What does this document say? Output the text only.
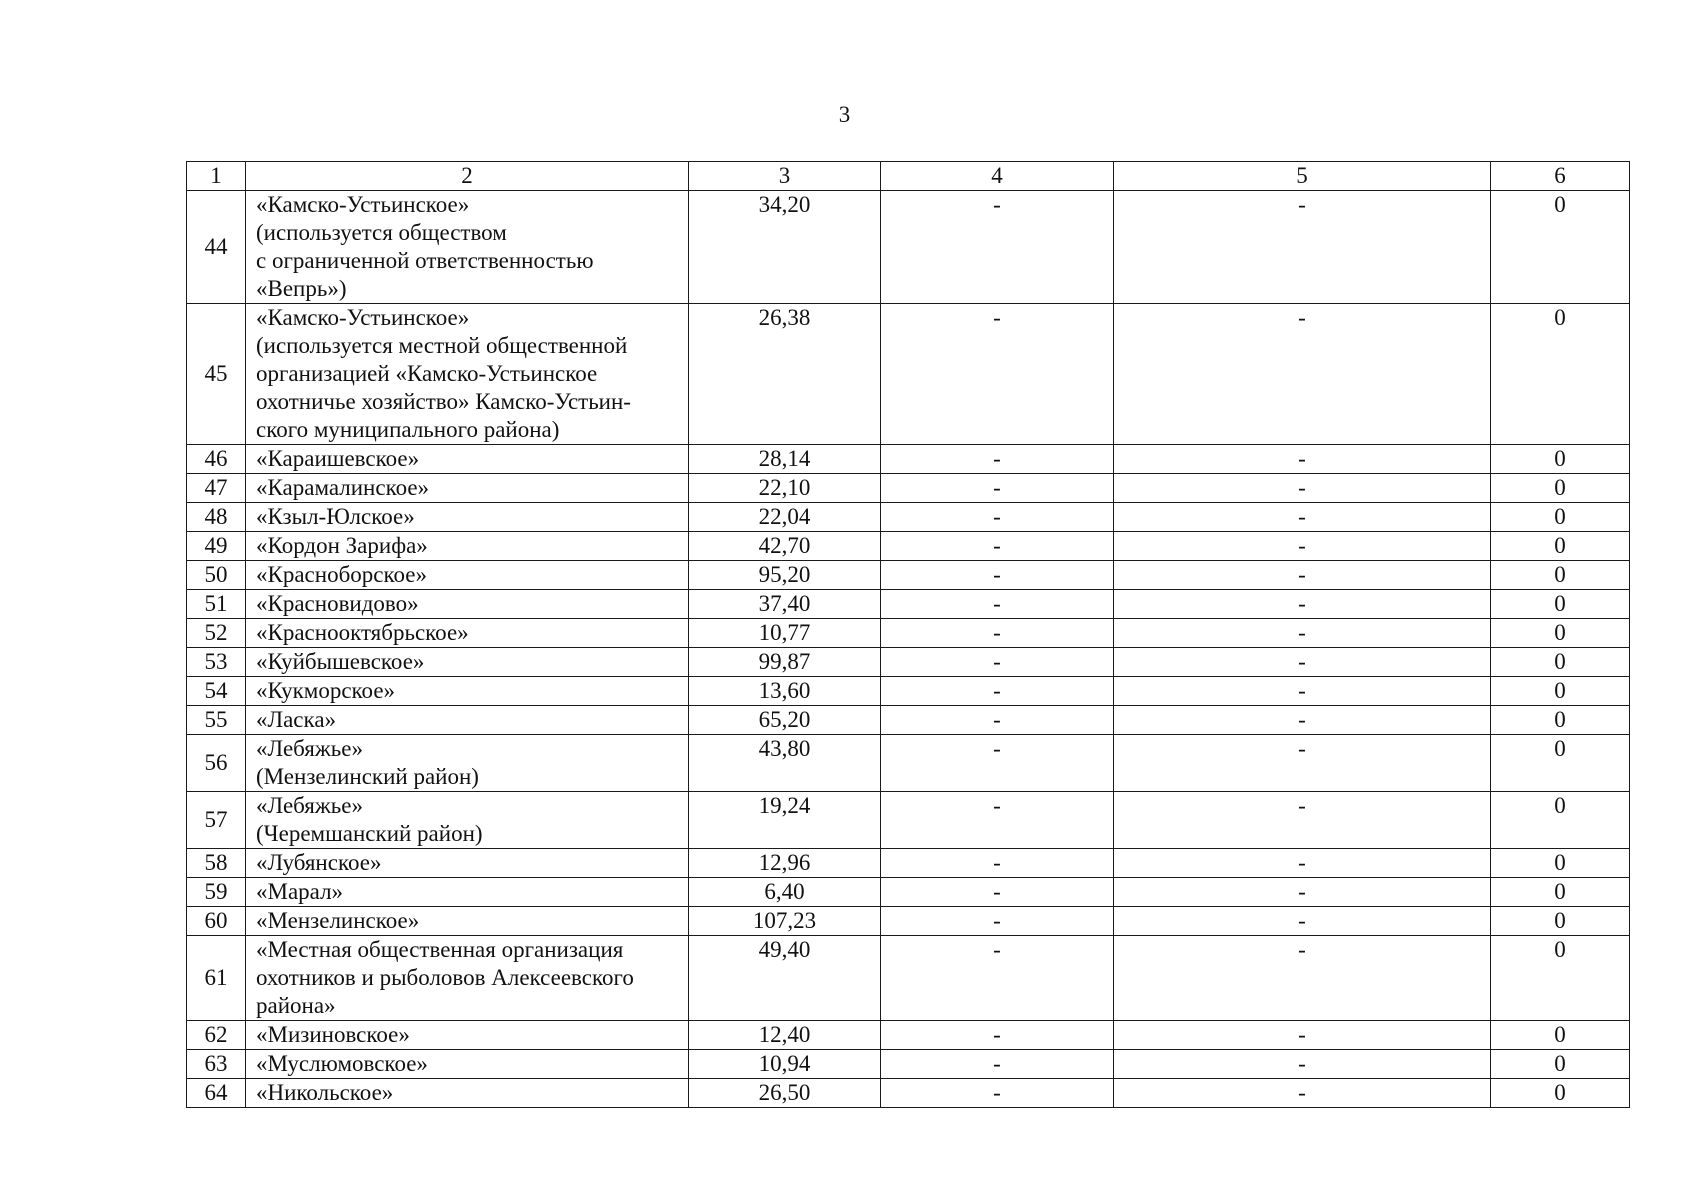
3
1	2	3	4	5	6
44	«Камско-Устьинское»
(используется обществом
с ограниченной ответственностью
«Вепрь»)	34,20	-	-	0
45	«Камско-Устьинское»
(используется местной общественной
организацией «Камско-Устьинское
охотничье хозяйство» Камско-Устьин-
ского муниципального района)	26,38	-	-	0
46	«Караишевское»	28,14	-	-	0
47	«Карамалинское»	22,10	-	-	0
48	«Кзыл-Юлское»	22,04	-	-	0
49	«Кордон Зарифа»	42,70	-	-	0
50	«Красноборское»	95,20	-	-	0
51	«Красновидово»	37,40	-	-	0
52	«Краснооктябрьское»	10,77	-	-	0
53	«Куйбышевское»	99,87	-	-	0
54	«Кукморское»	13,60	-	-	0
55	«Ласка»	65,20	-	-	0
56	«Лебяжье»
(Мензелинский район)	43,80	-	-	0
57	«Лебяжье»
(Черемшанский район)	19,24	-	-	0
58	«Лубянское»	12,96	-	-	0
59	«Марал»	6,40	-	-	0
60	«Мензелинское»	107,23	-	-	0
61	«Местная общественная организация
охотников и рыболовов Алексеевского
района»	49,40	-	-	0
62	«Мизиновское»	12,40	-	-	0
63	«Муслюмовское»	10,94	-	-	0
64	«Никольское»	26,50	-	-	0
